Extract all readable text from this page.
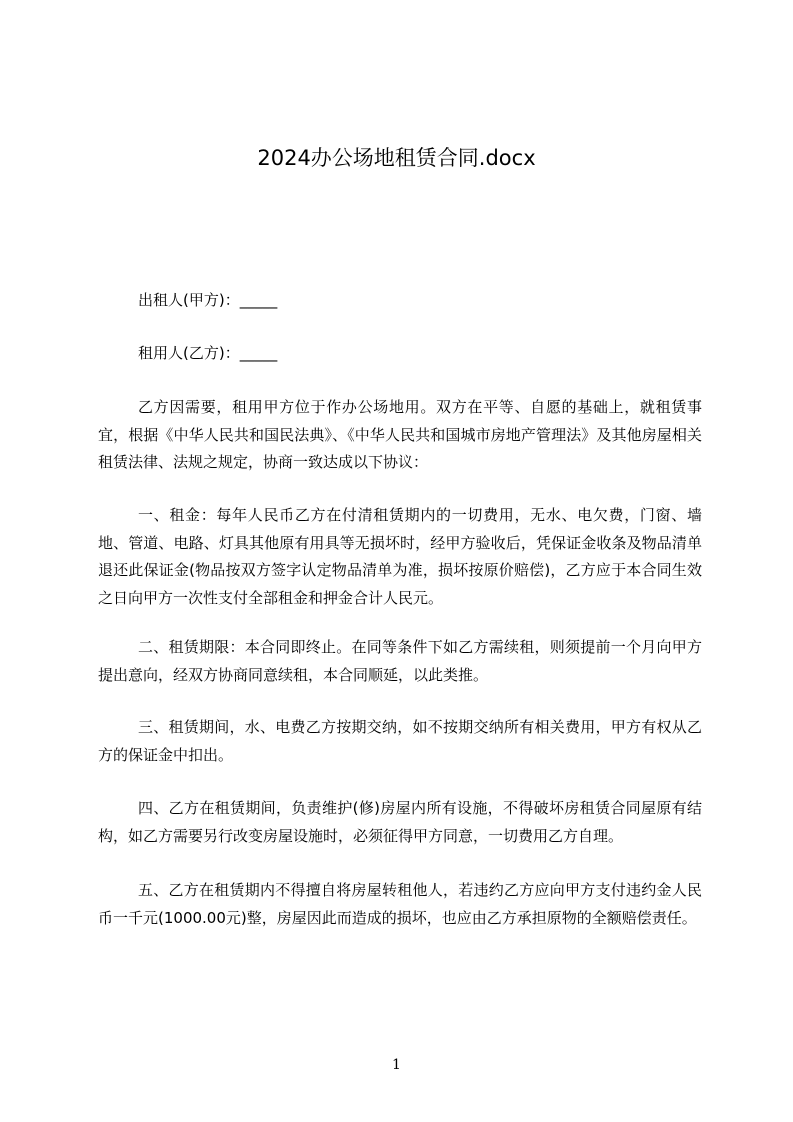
2024办公场地租赁合同.docx

出租人(甲方)：_____

租用人(乙方)：_____

乙方因需要，租用甲方位于作办公场地用。双方在平等、自愿的基础上，就租赁事宜，根据《中华人民共和国民法典》、《中华人民共和国城市房地产管理法》及其他房屋相关租赁法律、法规之规定，协商一致达成以下协议：

一、租金：每年人民币乙方在付清租赁期内的一切费用，无水、电欠费，门窗、墙地、管道、电路、灯具其他原有用具等无损坏时，经甲方验收后，凭保证金收条及物品清单退还此保证金(物品按双方签字认定物品清单为准，损坏按原价赔偿)，乙方应于本合同生效之日向甲方一次性支付全部租金和押金合计人民元。

二、租赁期限：本合同即终止。在同等条件下如乙方需续租，则须提前一个月向甲方提出意向，经双方协商同意续租，本合同顺延，以此类推。

三、租赁期间，水、电费乙方按期交纳，如不按期交纳所有相关费用，甲方有权从乙方的保证金中扣出。

四、乙方在租赁期间，负责维护(修)房屋内所有设施，不得破坏房租赁合同屋原有结构，如乙方需要另行改变房屋设施时，必须征得甲方同意，一切费用乙方自理。

五、乙方在租赁期内不得擅自将房屋转租他人，若违约乙方应向甲方支付违约金人民币一千元(1000.00元)整，房屋因此而造成的损坏，也应由乙方承担原物的全额赔偿责任。

1
